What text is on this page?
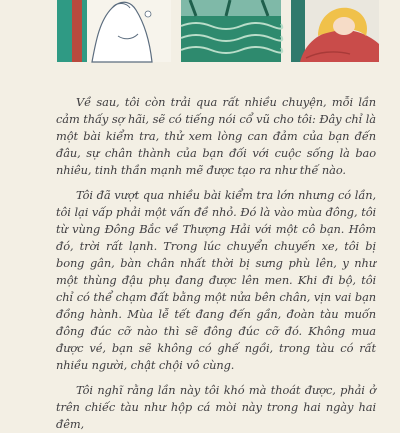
Về sau, tôi còn trải qua rất nhiều chuyện, mỗi lần cảm thấy sợ hãi, sẽ có tiếng nói cổ vũ cho tôi: Đây chỉ là một bài kiểm tra, thử xem lòng can đảm của bạn đến đâu, sự chân thành của bạn đối với cuộc sống là bao nhiêu, tinh thần mạnh mẽ được tạo ra như thế nào.

Tôi đã vượt qua nhiều bài kiểm tra lớn nhưng có lần, tôi lại vấp phải một vấn đề nhỏ. Đó là vào mùa đông, tôi từ vùng Đông Bắc về Thượng Hải với một cô bạn. Hôm đó, trời rất lạnh. Trong lúc chuyển chuyến xe, tôi bị bong gân, bàn chân nhất thời bị sưng phù lên, y như một thùng đậu phụ đang được lên men. Khi đi bộ, tôi chỉ có thể chạm đất bằng một nửa bên chân, vịn vai bạn đồng hành. Mùa lễ tết đang đến gần, đoàn tàu muốn đông đúc cỡ nào thì sẽ đông đúc cỡ đó. Không mua được vé, bạn sẽ không có ghế ngồi, trong tàu có rất nhiều người, chật chội vô cùng.

Tôi nghĩ rằng lần này tôi khó mà thoát được, phải ở trên chiếc tàu như hộp cá mòi này trong hai ngày hai đêm,
